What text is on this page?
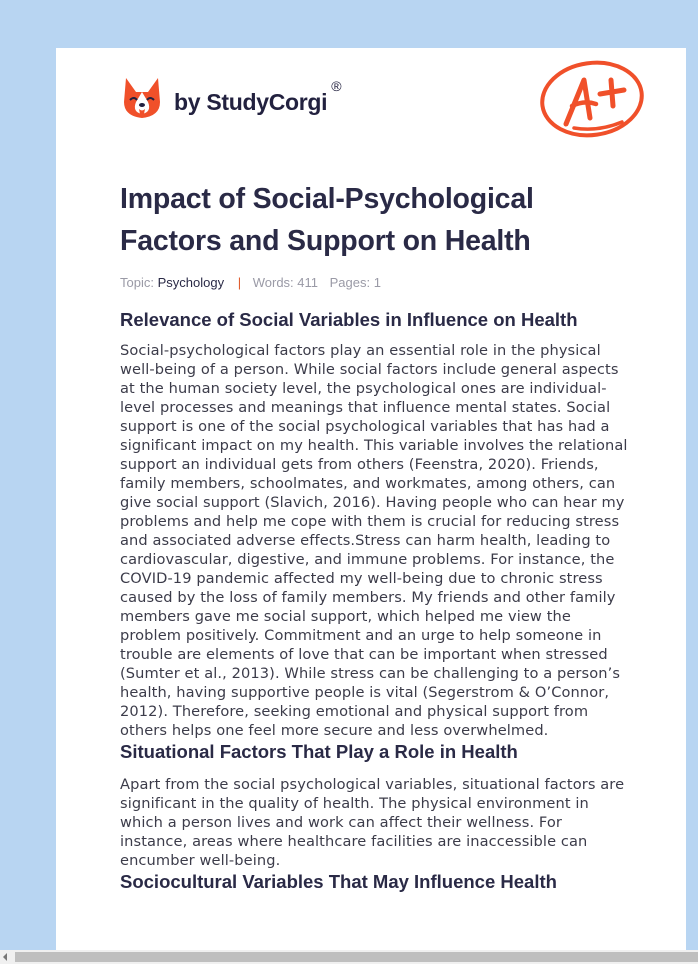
by StudyCorgi
®
Impact of Social-Psychological Factors and Support on Health
Topic: Psychology | Words: 411 Pages: 1
Relevance of Social Variables in Influence on Health

Social-psychological factors play an essential role in the physical well-being of a person. While social factors include general aspects at the human society level, the psychological ones are individual-level processes and meanings that influence mental states. Social support is one of the social psychological variables that has had a significant impact on my health. This variable involves the relational support an individual gets from others (Feenstra, 2020). Friends, family members, schoolmates, and workmates, among others, can give social support (Slavich, 2016). Having people who can hear my problems and help me cope with them is crucial for reducing stress and associated adverse effects.Stress can harm health, leading to cardiovascular, digestive, and immune problems. For instance, the COVID-19 pandemic affected my well-being due to chronic stress caused by the loss of family members. My friends and other family members gave me social support, which helped me view the problem positively. Commitment and an urge to help someone in trouble are elements of love that can be important when stressed (Sumter et al., 2013). While stress can be challenging to a person’s health, having supportive people is vital (Segerstrom & O’Connor, 2012). Therefore, seeking emotional and physical support from others helps one feel more secure and less overwhelmed.

Situational Factors That Play a Role in Health

Apart from the social psychological variables, situational factors are significant in the quality of health. The physical environment in which a person lives and work can affect their wellness. For instance, areas where healthcare facilities are inaccessible can encumber well-being.

Sociocultural Variables That May Influence Health
